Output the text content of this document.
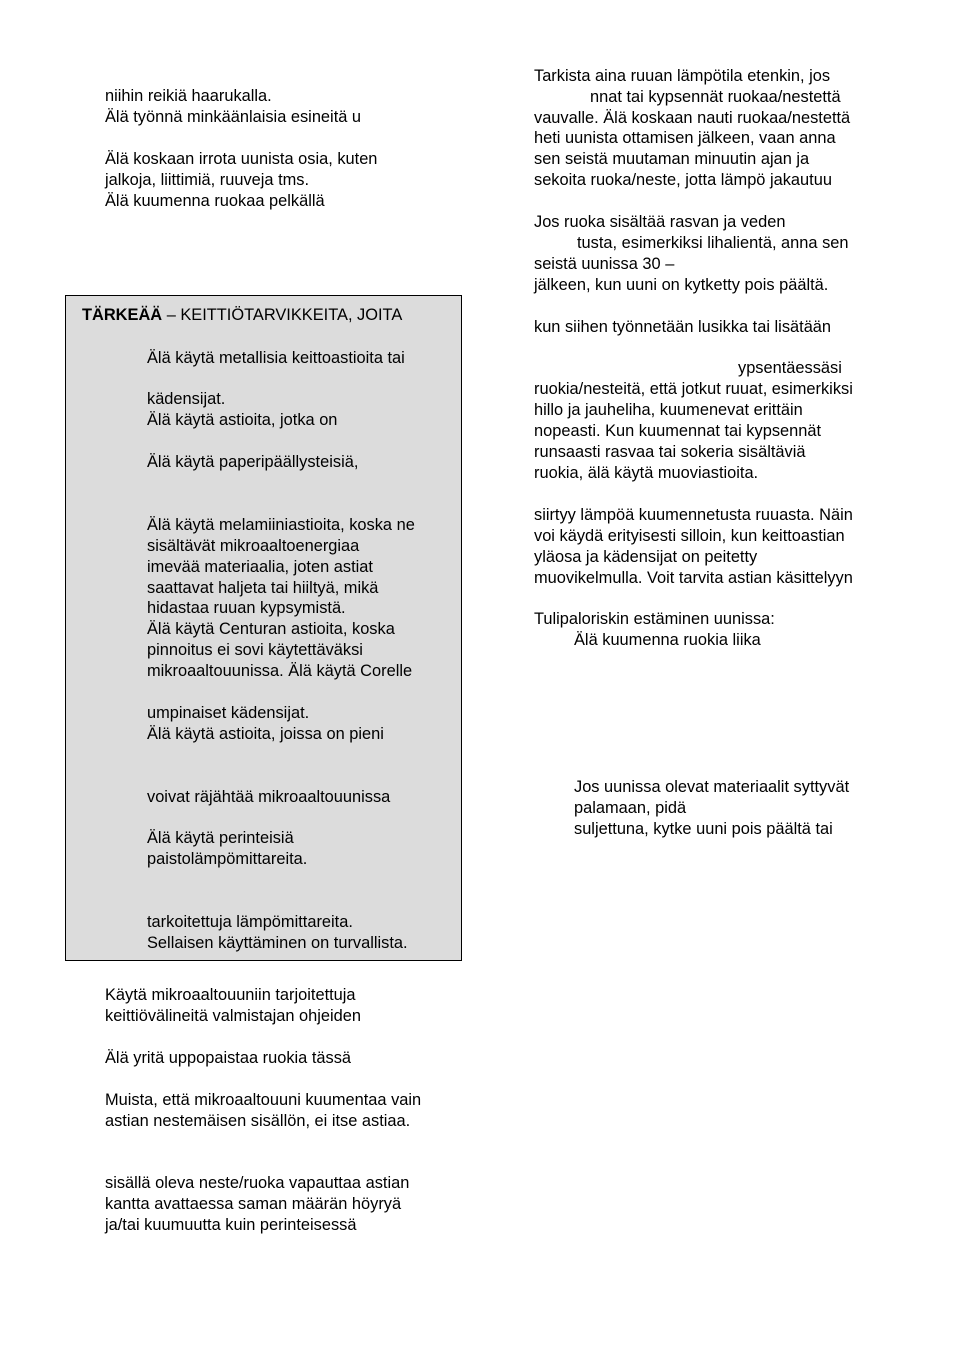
niihin reikiä haarukalla.
Älä työnnä minkäänlaisia esineitä u
Älä koskaan irrota uunista osia, kuten
jalkoja, liittimiä, ruuveja tms.
Älä kuumenna ruokaa pelkällä
TÄRKEÄÄ – KEITTIÖTARVIKKEITA, JOITA
Älä käytä metallisia keittoastioita tai
kädensijat.
Älä käytä astioita, jotka on
Älä käytä paperipäällysteisiä,
Älä käytä melamiiniastioita, koska ne
sisältävät mikroaaltoenergiaa
imevää materiaalia, joten astiat
saattavat haljeta tai hiiltyä, mikä
hidastaa ruuan kypsymistä.
Älä käytä Centuran astioita, koska
pinnoitus ei sovi käytettäväksi
mikroaaltouunissa. Älä käytä Corelle
umpinaiset kädensijat.
Älä käytä astioita, joissa on pieni
voivat räjähtää mikroaaltouunissa
Älä käytä perinteisiä
paistolämpömittareita.
tarkoitettuja lämpömittareita.
Sellaisen käyttäminen on turvallista.
Käytä mikroaaltouuniin tarjoitettuja
keittiövälineitä valmistajan ohjeiden
Älä yritä uppopaistaa ruokia tässä
Muista, että mikroaaltouuni kuumentaa vain
astian nestemäisen sisällön, ei itse astiaa.
sisällä oleva neste/ruoka vapauttaa astian
kantta avattaessa saman määrän höyryä
ja/tai kuumuutta kuin perinteisessä
Tarkista aina ruuan lämpötila etenkin, jos
nnat tai kypsennät ruokaa/nestettä
vauvalle. Älä koskaan nauti ruokaa/nestettä
heti uunista ottamisen jälkeen, vaan anna
sen seistä muutaman minuutin ajan ja
sekoita ruoka/neste, jotta lämpö jakautuu
Jos ruoka sisältää rasvan ja veden
tusta, esimerkiksi lihalientä, anna sen
seistä uunissa 30 –
jälkeen, kun uuni on kytketty pois päältä.
kun siihen työnnetään lusikka tai lisätään
ypsentäessäsi
ruokia/nesteitä, että jotkut ruuat, esimerkiksi
hillo ja jauheliha, kuumenevat erittäin
nopeasti. Kun kuumennat tai kypsennät
runsaasti rasvaa tai sokeria sisältäviä
ruokia, älä käytä muoviastioita.
siirtyy lämpöä kuumennetusta ruuasta. Näin
voi käydä erityisesti silloin, kun keittoastian
yläosa ja kädensijat on peitetty
muovikelmulla. Voit tarvita astian käsittelyyn
Tulipaloriskin estäminen uunissa:
Älä kuumenna ruokia liika
Jos uunissa olevat materiaalit syttyvät
palamaan, pidä
suljettuna, kytke uuni pois päältä tai
